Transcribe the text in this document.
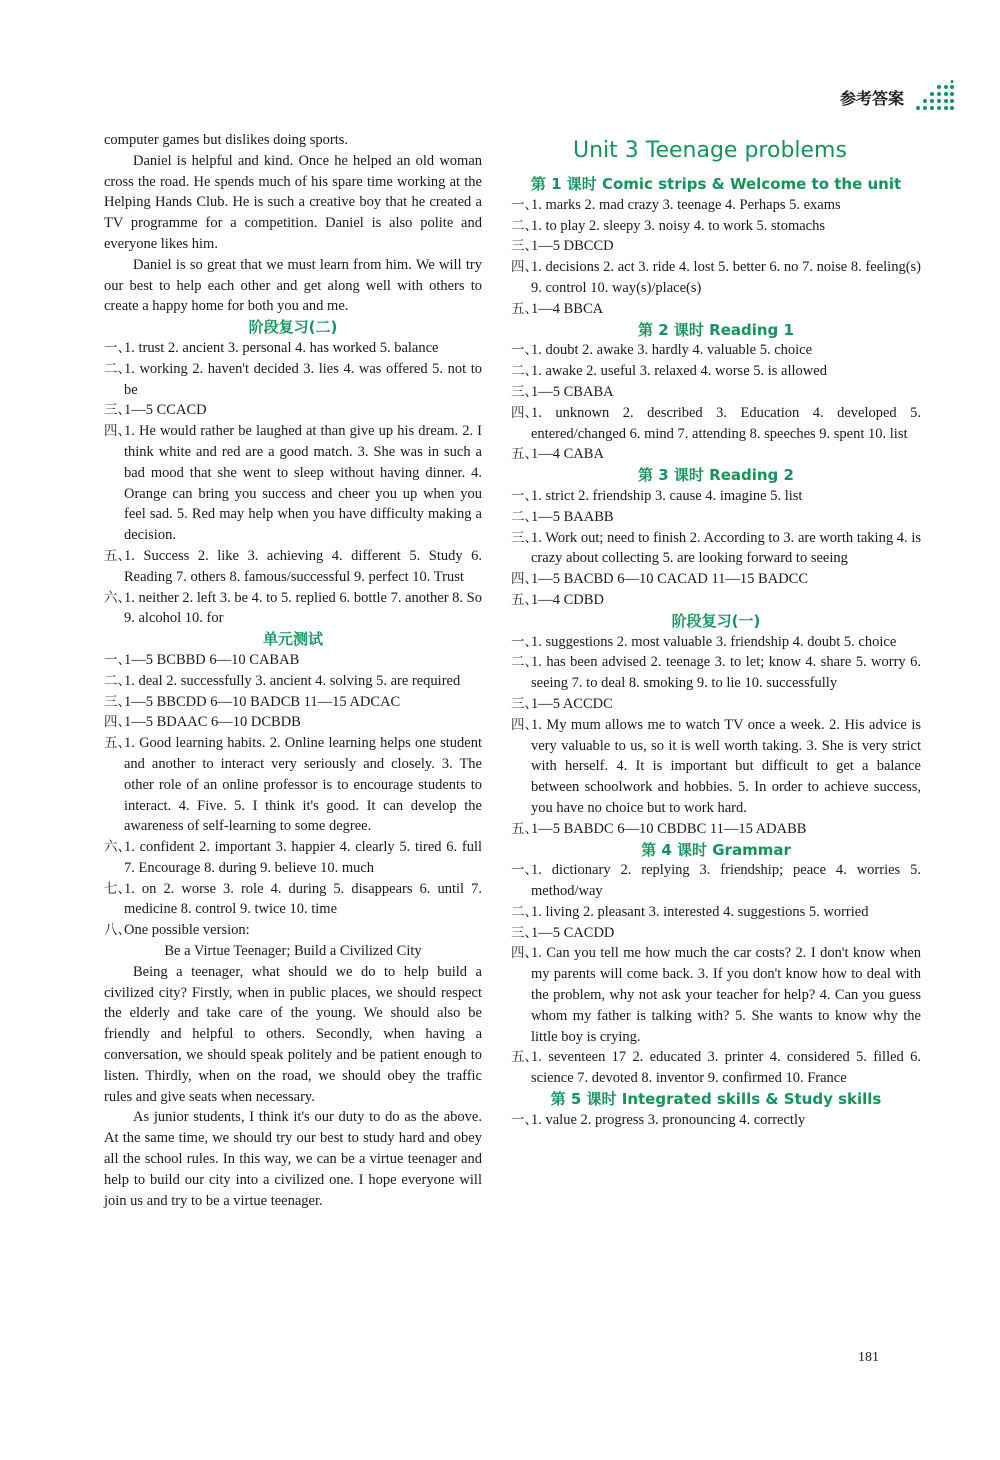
参考答案

computer games but dislikes doing sports.

Daniel is helpful and kind. Once he helped an old woman cross the road. He spends much of his spare time working at the Helping Hands Club. He is such a creative boy that he created a TV programme for a competition. Daniel is also polite and everyone likes him.

Daniel is so great that we must learn from him. We will try our best to help each other and get along well with others to create a happy home for both you and me.

阶段复习(二)

一、
1. trust 2. ancient 3. personal 4. has worked 5. balance
二、
1. working 2. haven't decided 3. lies 4. was offered 5. not to be
三、
1—5 CCACD
四、
1. He would rather be laughed at than give up his dream. 2. I think white and red are a good match. 3. She was in such a bad mood that she went to sleep without having dinner. 4. Orange can bring you success and cheer you up when you feel sad. 5. Red may help when you have difficulty making a decision.
五、
1. Success 2. like 3. achieving 4. different 5. Study 6. Reading 7. others 8. famous/successful 9. perfect 10. Trust
六、
1. neither 2. left 3. be 4. to 5. replied 6. bottle 7. another 8. So 9. alcohol 10. for

单元测试

一、
1—5 BCBBD 6—10 CABAB
二、
1. deal 2. successfully 3. ancient 4. solving 5. are required
三、
1—5 BBCDD 6—10 BADCB 11—15 ADCAC
四、
1—5 BDAAC 6—10 DCBDB
五、
1. Good learning habits. 2. Online learning helps one student and another to interact very seriously and closely. 3. The other role of an online professor is to encourage students to interact. 4. Five. 5. I think it's good. It can develop the awareness of self-learning to some degree.
六、
1. confident 2. important 3. happier 4. clearly 5. tired 6. full 7. Encourage 8. during 9. believe 10. much
七、
1. on 2. worse 3. role 4. during 5. disappears 6. until 7. medicine 8. control 9. twice 10. time
八、
One possible version:

Be a Virtue Teenager; Build a Civilized City

Being a teenager, what should we do to help build a civilized city? Firstly, when in public places, we should respect the elderly and take care of the young. We should also be friendly and helpful to others. Secondly, when having a conversation, we should speak politely and be patient enough to listen. Thirdly, when on the road, we should obey the traffic rules and give seats when necessary.

As junior students, I think it's our duty to do as the above. At the same time, we should try our best to study hard and obey all the school rules. In this way, we can be a virtue teenager and help to build our city into a civilized one. I hope everyone will join us and try to be a virtue teenager.

Unit 3 Teenage problems

第 1 课时 Comic strips & Welcome to the unit

一、
1. marks 2. mad crazy 3. teenage 4. Perhaps 5. exams
二、
1. to play 2. sleepy 3. noisy 4. to work 5. stomachs
三、
1—5 DBCCD
四、
1. decisions 2. act 3. ride 4. lost 5. better 6. no 7. noise 8. feeling(s) 9. control 10. way(s)/place(s)
五、
1—4 BBCA

第 2 课时 Reading 1

一、
1. doubt 2. awake 3. hardly 4. valuable 5. choice
二、
1. awake 2. useful 3. relaxed 4. worse 5. is allowed
三、
1—5 CBABA
四、
1. unknown 2. described 3. Education 4. developed 5. entered/changed 6. mind 7. attending 8. speeches 9. spent 10. list
五、
1—4 CABA

第 3 课时 Reading 2

一、
1. strict 2. friendship 3. cause 4. imagine 5. list
二、
1—5 BAABB
三、
1. Work out; need to finish 2. According to 3. are worth taking 4. is crazy about collecting 5. are looking forward to seeing
四、
1—5 BACBD 6—10 CACAD 11—15 BADCC
五、
1—4 CDBD

阶段复习(一)

一、
1. suggestions 2. most valuable 3. friendship 4. doubt 5. choice
二、
1. has been advised 2. teenage 3. to let; know 4. share 5. worry 6. seeing 7. to deal 8. smoking 9. to lie 10. successfully
三、
1—5 ACCDC
四、
1. My mum allows me to watch TV once a week. 2. His advice is very valuable to us, so it is well worth taking. 3. She is very strict with herself. 4. It is important but difficult to get a balance between schoolwork and hobbies. 5. In order to achieve success, you have no choice but to work hard.
五、
1—5 BABDC 6—10 CBDBC 11—15 ADABB

第 4 课时 Grammar

一、
1. dictionary 2. replying 3. friendship; peace 4. worries 5. method/way
二、
1. living 2. pleasant 3. interested 4. suggestions 5. worried
三、
1—5 CACDD
四、
1. Can you tell me how much the car costs? 2. I don't know when my parents will come back. 3. If you don't know how to deal with the problem, why not ask your teacher for help? 4. Can you guess whom my father is talking with? 5. She wants to know why the little boy is crying.
五、
1. seventeen 17 2. educated 3. printer 4. considered 5. filled 6. science 7. devoted 8. inventor 9. confirmed 10. France

第 5 课时 Integrated skills & Study skills

一、
1. value 2. progress 3. pronouncing 4. correctly
181
